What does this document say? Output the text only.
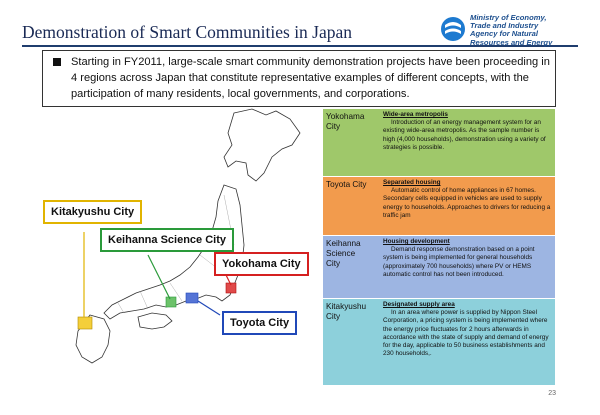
Demonstration of Smart Communities in Japan
Ministry of Economy,
Trade and Industry
Agency for Natural
Resources and Energy
Starting in FY2011, large-scale smart community demonstration projects have been proceeding in 4 regions across Japan that constitute representative examples of different concepts, with the participation of many residents, local governments, and corporations.
Kitakyushu City
Keihanna Science City
Yokohama City
Toyota City
Yokohama City
Wide-area metropolis
Introduction of an energy management system for an existing wide-area metropolis. As the sample number is high (4,000 households), demonstration using a variety of strategies is possible.
Toyota City	Separated housing
Automatic control of home appliances in 67 homes. Secondary cells equipped in vehicles are used to supply energy to households. Approaches to drivers for reducing a traffic jam
Keihanna Science City
Housing development
Demand response demonstration based on a point system is being implemented for general households (approximately 700 households) where PV or HEMS automatic control has not been introduced.
Kitakyushu City
Designated supply area
In an area where power is supplied by Nippon Steel Corporation, a pricing system is being implemented where the energy price fluctuates for 2 hours afterwards in accordance with the state of supply and demand of energy for the day, applicable to 50 business establishments and 230 households,.
23
